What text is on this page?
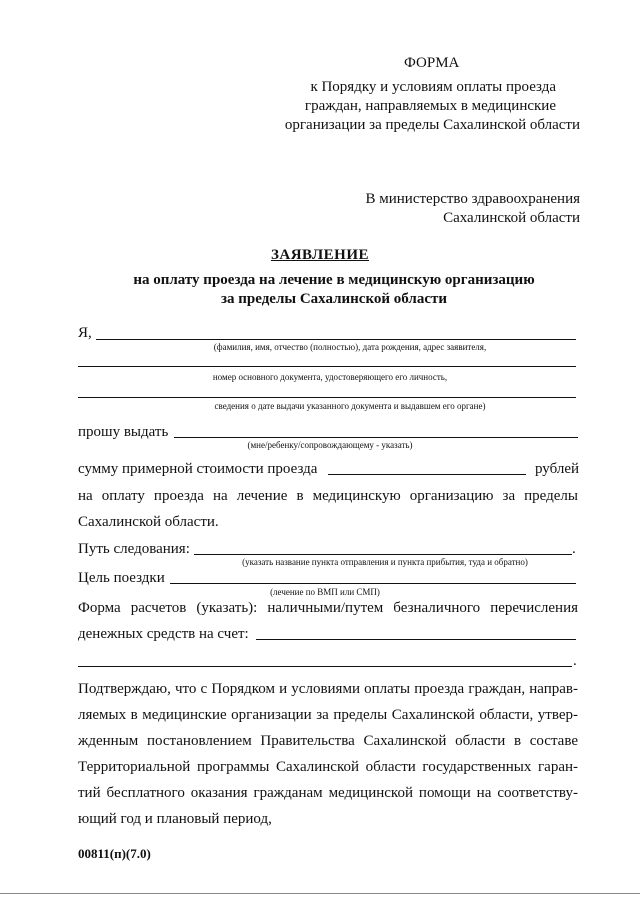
ФОРМА
к Порядку и условиям оплаты проезда
граждан, направляемых в медицинские
организации за пределы Сахалинской области
В министерство здравоохранения
Сахалинской области
ЗАЯВЛЕНИЕ
на оплату проезда на лечение в медицинскую организацию
за пределы Сахалинской области
Я,
(фамилия, имя, отчество (полностью), дата рождения, адрес заявителя,
номер основного документа, удостоверяющего его личность,
сведения о дате выдачи указанного документа и выдавшем его органе)
прошу выдать
(мне/ребенку/сопровождающему - указать)
сумму примерной стоимости проезда	рублей
на оплату проезда на лечение в медицинскую организацию за пределы
Сахалинской области.
Путь следования:	.
(указать название пункта отправления и пункта прибытия, туда и обратно)
Цель поездки
(лечение по ВМП или СМП)
Форма расчетов (указать): наличными/путем безналичного перечисления
денежных средств на счет:
.
Подтверждаю, что с Порядком и условиями оплаты проезда граждан, направ-
ляемых в медицинские организации за пределы Сахалинской области, утвер-
жденным постановлением Правительства Сахалинской области в составе
Территориальной программы Сахалинской области государственных гаран-
тий бесплатного оказания гражданам медицинской помощи на соответству-
ющий год и плановый период,
00811(п)(7.0)
